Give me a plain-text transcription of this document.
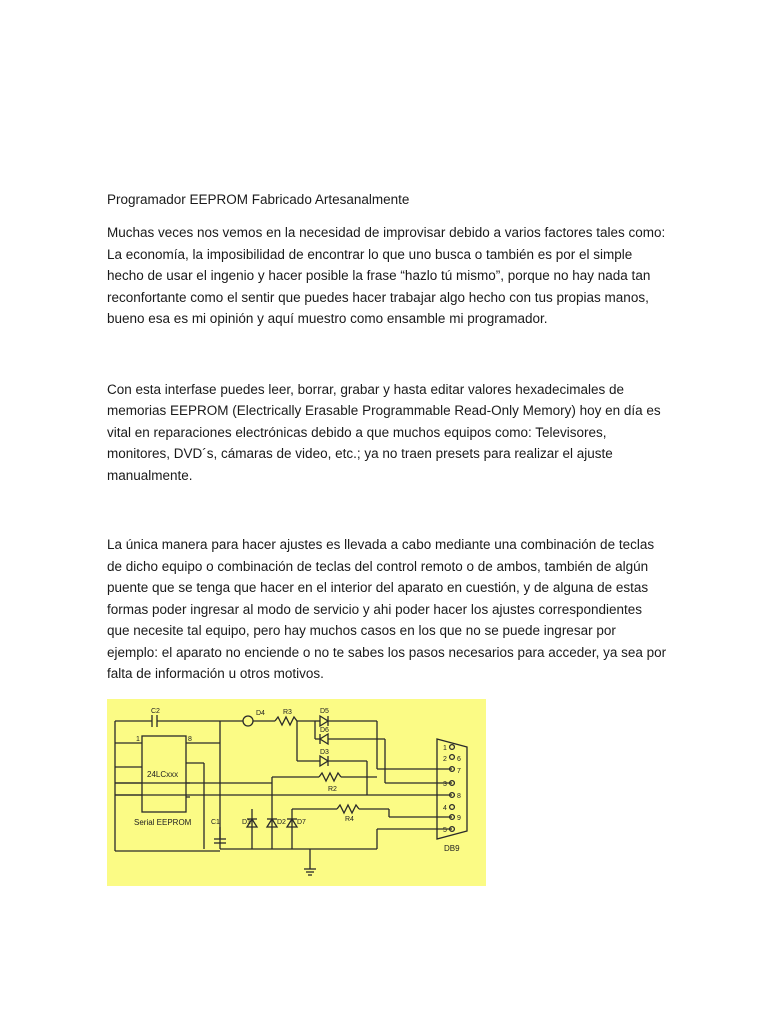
Programador EEPROM Fabricado Artesanalmente

Muchas veces nos vemos en la necesidad de improvisar debido a varios factores tales como: La economía, la imposibilidad de encontrar lo que uno busca o también es por el simple hecho de usar el ingenio y hacer posible la frase “hazlo tú mismo”, porque no hay nada tan reconfortante como el sentir que puedes hacer trabajar algo hecho con tus propias manos, bueno esa es mi opinión y aquí muestro como ensamble mi programador.

Con esta interfase puedes leer, borrar, grabar y hasta editar valores hexadecimales de memorias EEPROM (Electrically Erasable Programmable Read-Only Memory) hoy en día es vital en reparaciones electrónicas debido a que muchos equipos como: Televisores, monitores, DVD´s, cámaras de video, etc.; ya no traen presets para realizar el ajuste manualmente.

La única manera para hacer ajustes es llevada a cabo mediante una combinación de teclas de dicho equipo o combinación de teclas del control remoto o de ambos, también de algún puente que se tenga que hacer en el interior del aparato en cuestión, y de alguna de estas formas poder ingresar al modo de servicio y ahi poder hacer los ajustes correspondientes que necesite tal equipo, pero hay muchos casos en los que no se puede ingresar por ejemplo: el aparato no enciende o no te sabes los pasos necesarios para acceder, ya sea por falta de información u otros motivos.

1	8
C2	D4	R3	D5
D6
D3
R2
R4
C1	D1	D2 D7
1
6
2
7
3
8
4
9
5
24LCxxx
Serial EEPROM
DB9
